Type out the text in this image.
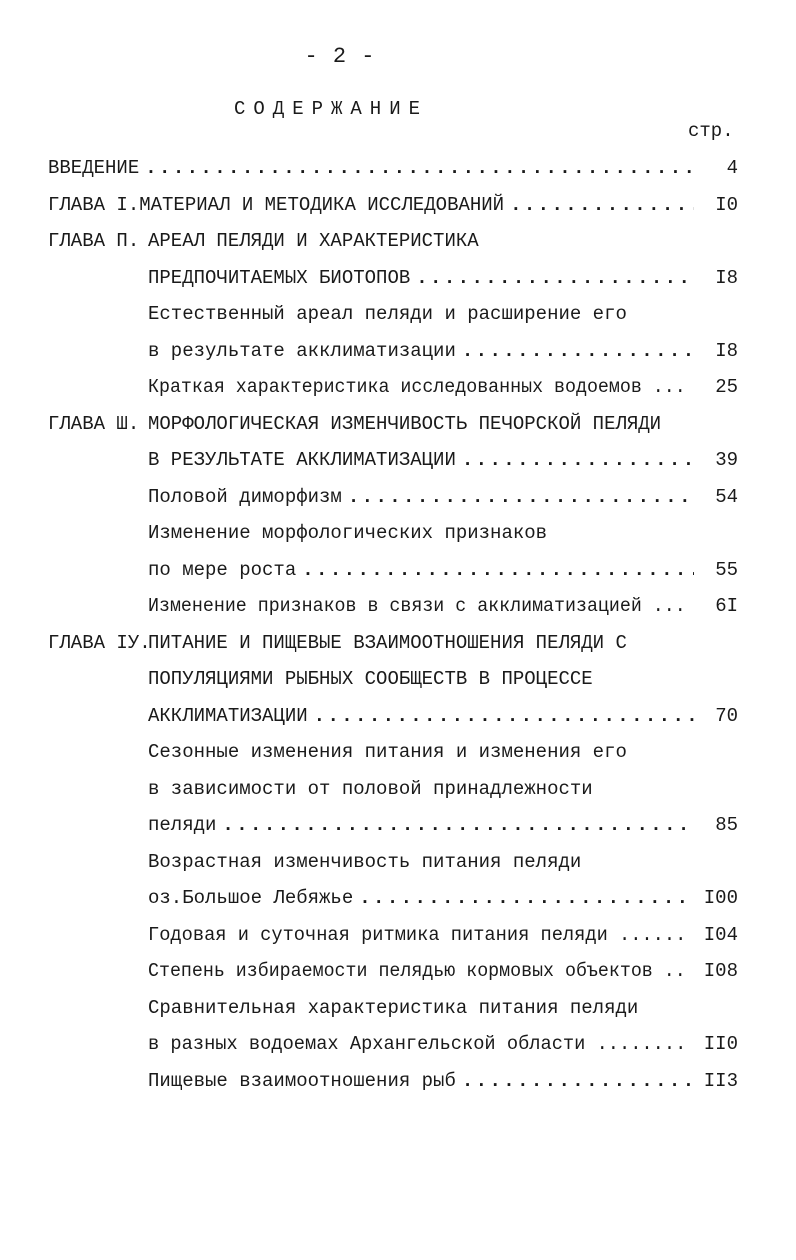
- 2 -
СОДЕРЖАНИЕ
стр.
ВВЕДЕНИЕ .....	4
ГЛАВА I.МАТЕРИАЛ И МЕТОДИКА ИССЛЕДОВАНИЙ .....	I0
ГЛАВА П. АРЕАЛ ПЕЛЯДИ И ХАРАКТЕРИСТИКА
ПРЕДПОЧИТАЕМЫХ БИОТОПОВ .....	I8
Естественный ареал пеляди и расширение его
в результате акклиматизации .....	I8
Краткая характеристика исследованных водоемов ...	25
ГЛАВА Ш. МОРФОЛОГИЧЕСКАЯ ИЗМЕНЧИВОСТЬ ПЕЧОРСКОЙ ПЕЛЯДИ
В РЕЗУЛЬТАТЕ АККЛИМАТИЗАЦИИ .....	39
Половой диморфизм .....	54
Изменение морфологических признаков
по мере роста .....	55
Изменение признаков в связи с акклиматизацией ...	6I
ГЛАВА IУ.
ПИТАНИЕ И ПИЩЕВЫЕ ВЗАИМООТНОШЕНИЯ ПЕЛЯДИ С
ПОПУЛЯЦИЯМИ РЫБНЫХ СООБЩЕСТВ В ПРОЦЕССЕ
АККЛИМАТИЗАЦИИ .....	70
Сезонные изменения питания и изменения его
в зависимости от половой принадлежности
пеляди .....	85
Возрастная изменчивость питания пеляди
оз.Большое Лебяжье .....	I00
Годовая и суточная ритмика питания пеляди ...... I04
Степень избираемости пелядью кормовых объектов .. I08
Сравнительная характеристика питания пеляди
в разных водоемах Архангельской области ........ II0
Пищевые взаимоотношения рыб .....	II3
